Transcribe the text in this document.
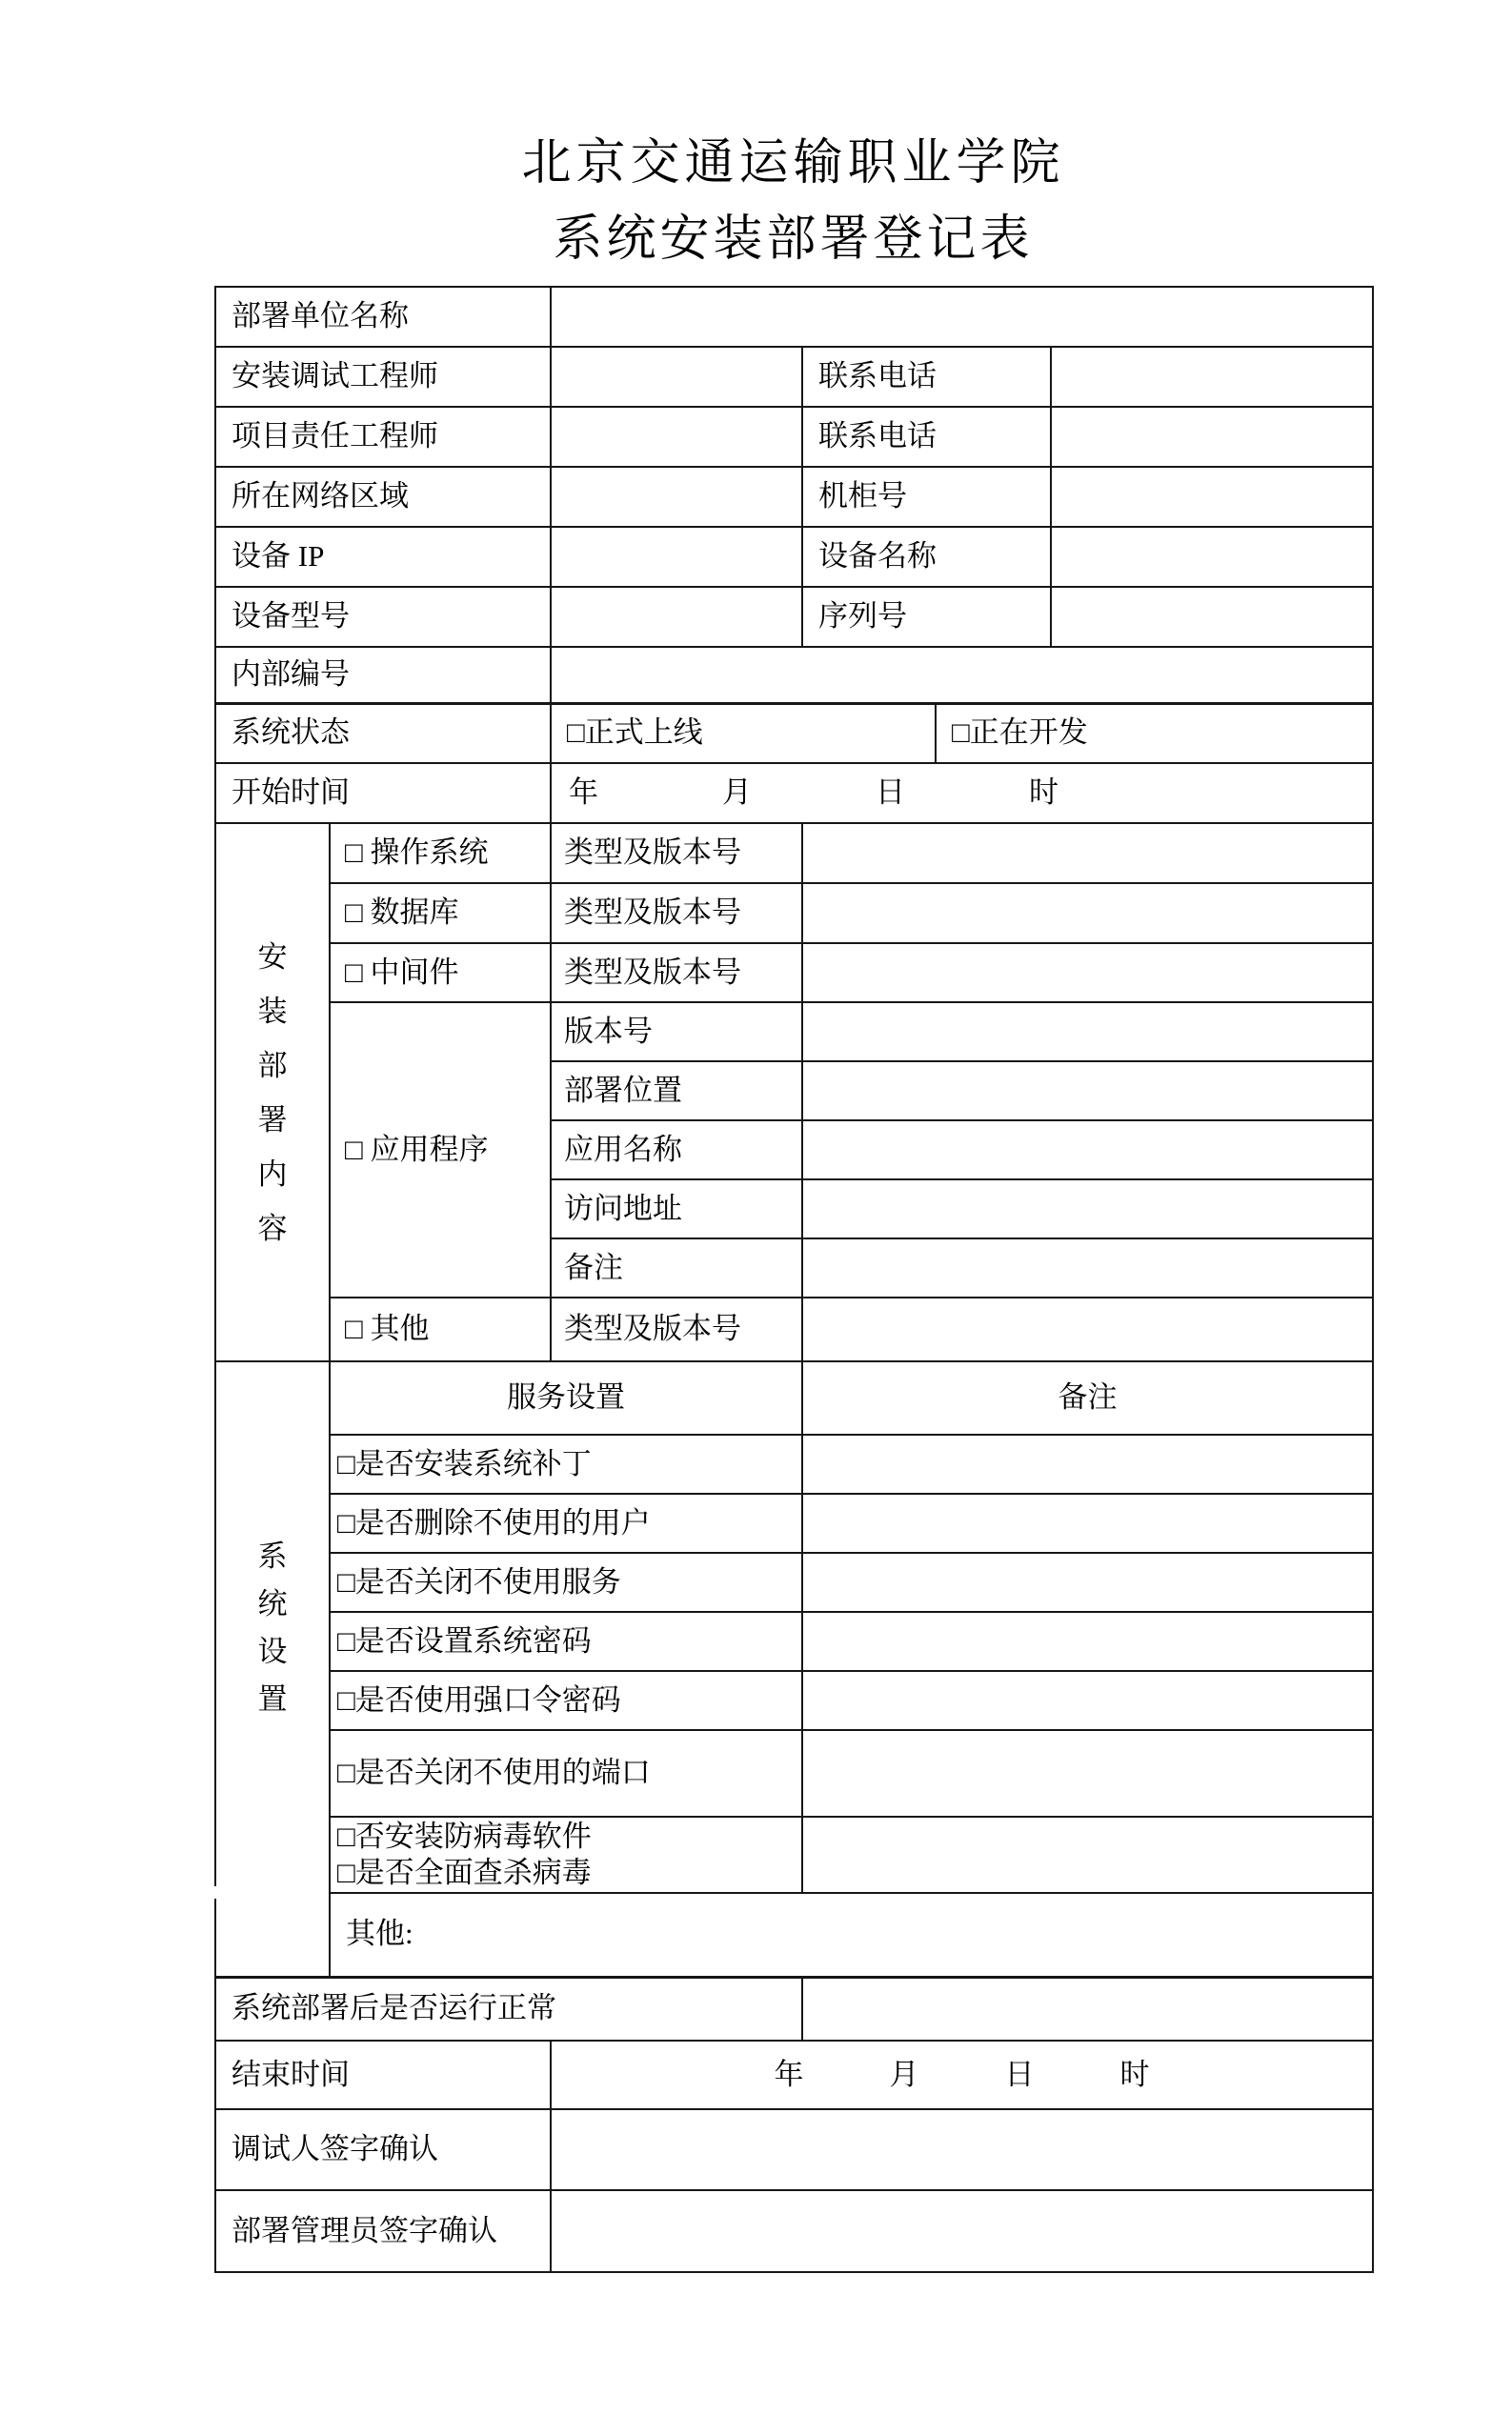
北京交通运输职业学院
系统安装部署登记表
部署单位名称					
安装调试工程师			联系电话		
项目责任工程师			联系电话		
所在网络区域			机柜号		
设备 IP			设备名称		
设备型号			序列号		
内部编号					
系统状态		□正式上线		□正在开发	
开始时间		年 月 日 时			

安装部署内容	□ 操作系统	类型及版本号			
	□ 数据库	类型及版本号			
	□ 中间件	类型及版本号			
	□ 应用程序	版本号			
		部署位置			
		应用名称			
		访问地址			
		备注			
	□ 其他	类型及版本号			

系统设置	服务设置		备注		
	□是否安装系统补丁				
	□是否删除不使用的用户				
	□是否关闭不使用服务				
	□是否设置系统密码				
	□是否使用强口令密码				
	□是否关闭不使用的端口				

	□否安装防病毒软件
□是否全面查杀病毒				

	其他:				
系统部署后是否运行正常					
结束时间		年 月 日 时			

调试人签字确认					
部署管理员签字确认					
